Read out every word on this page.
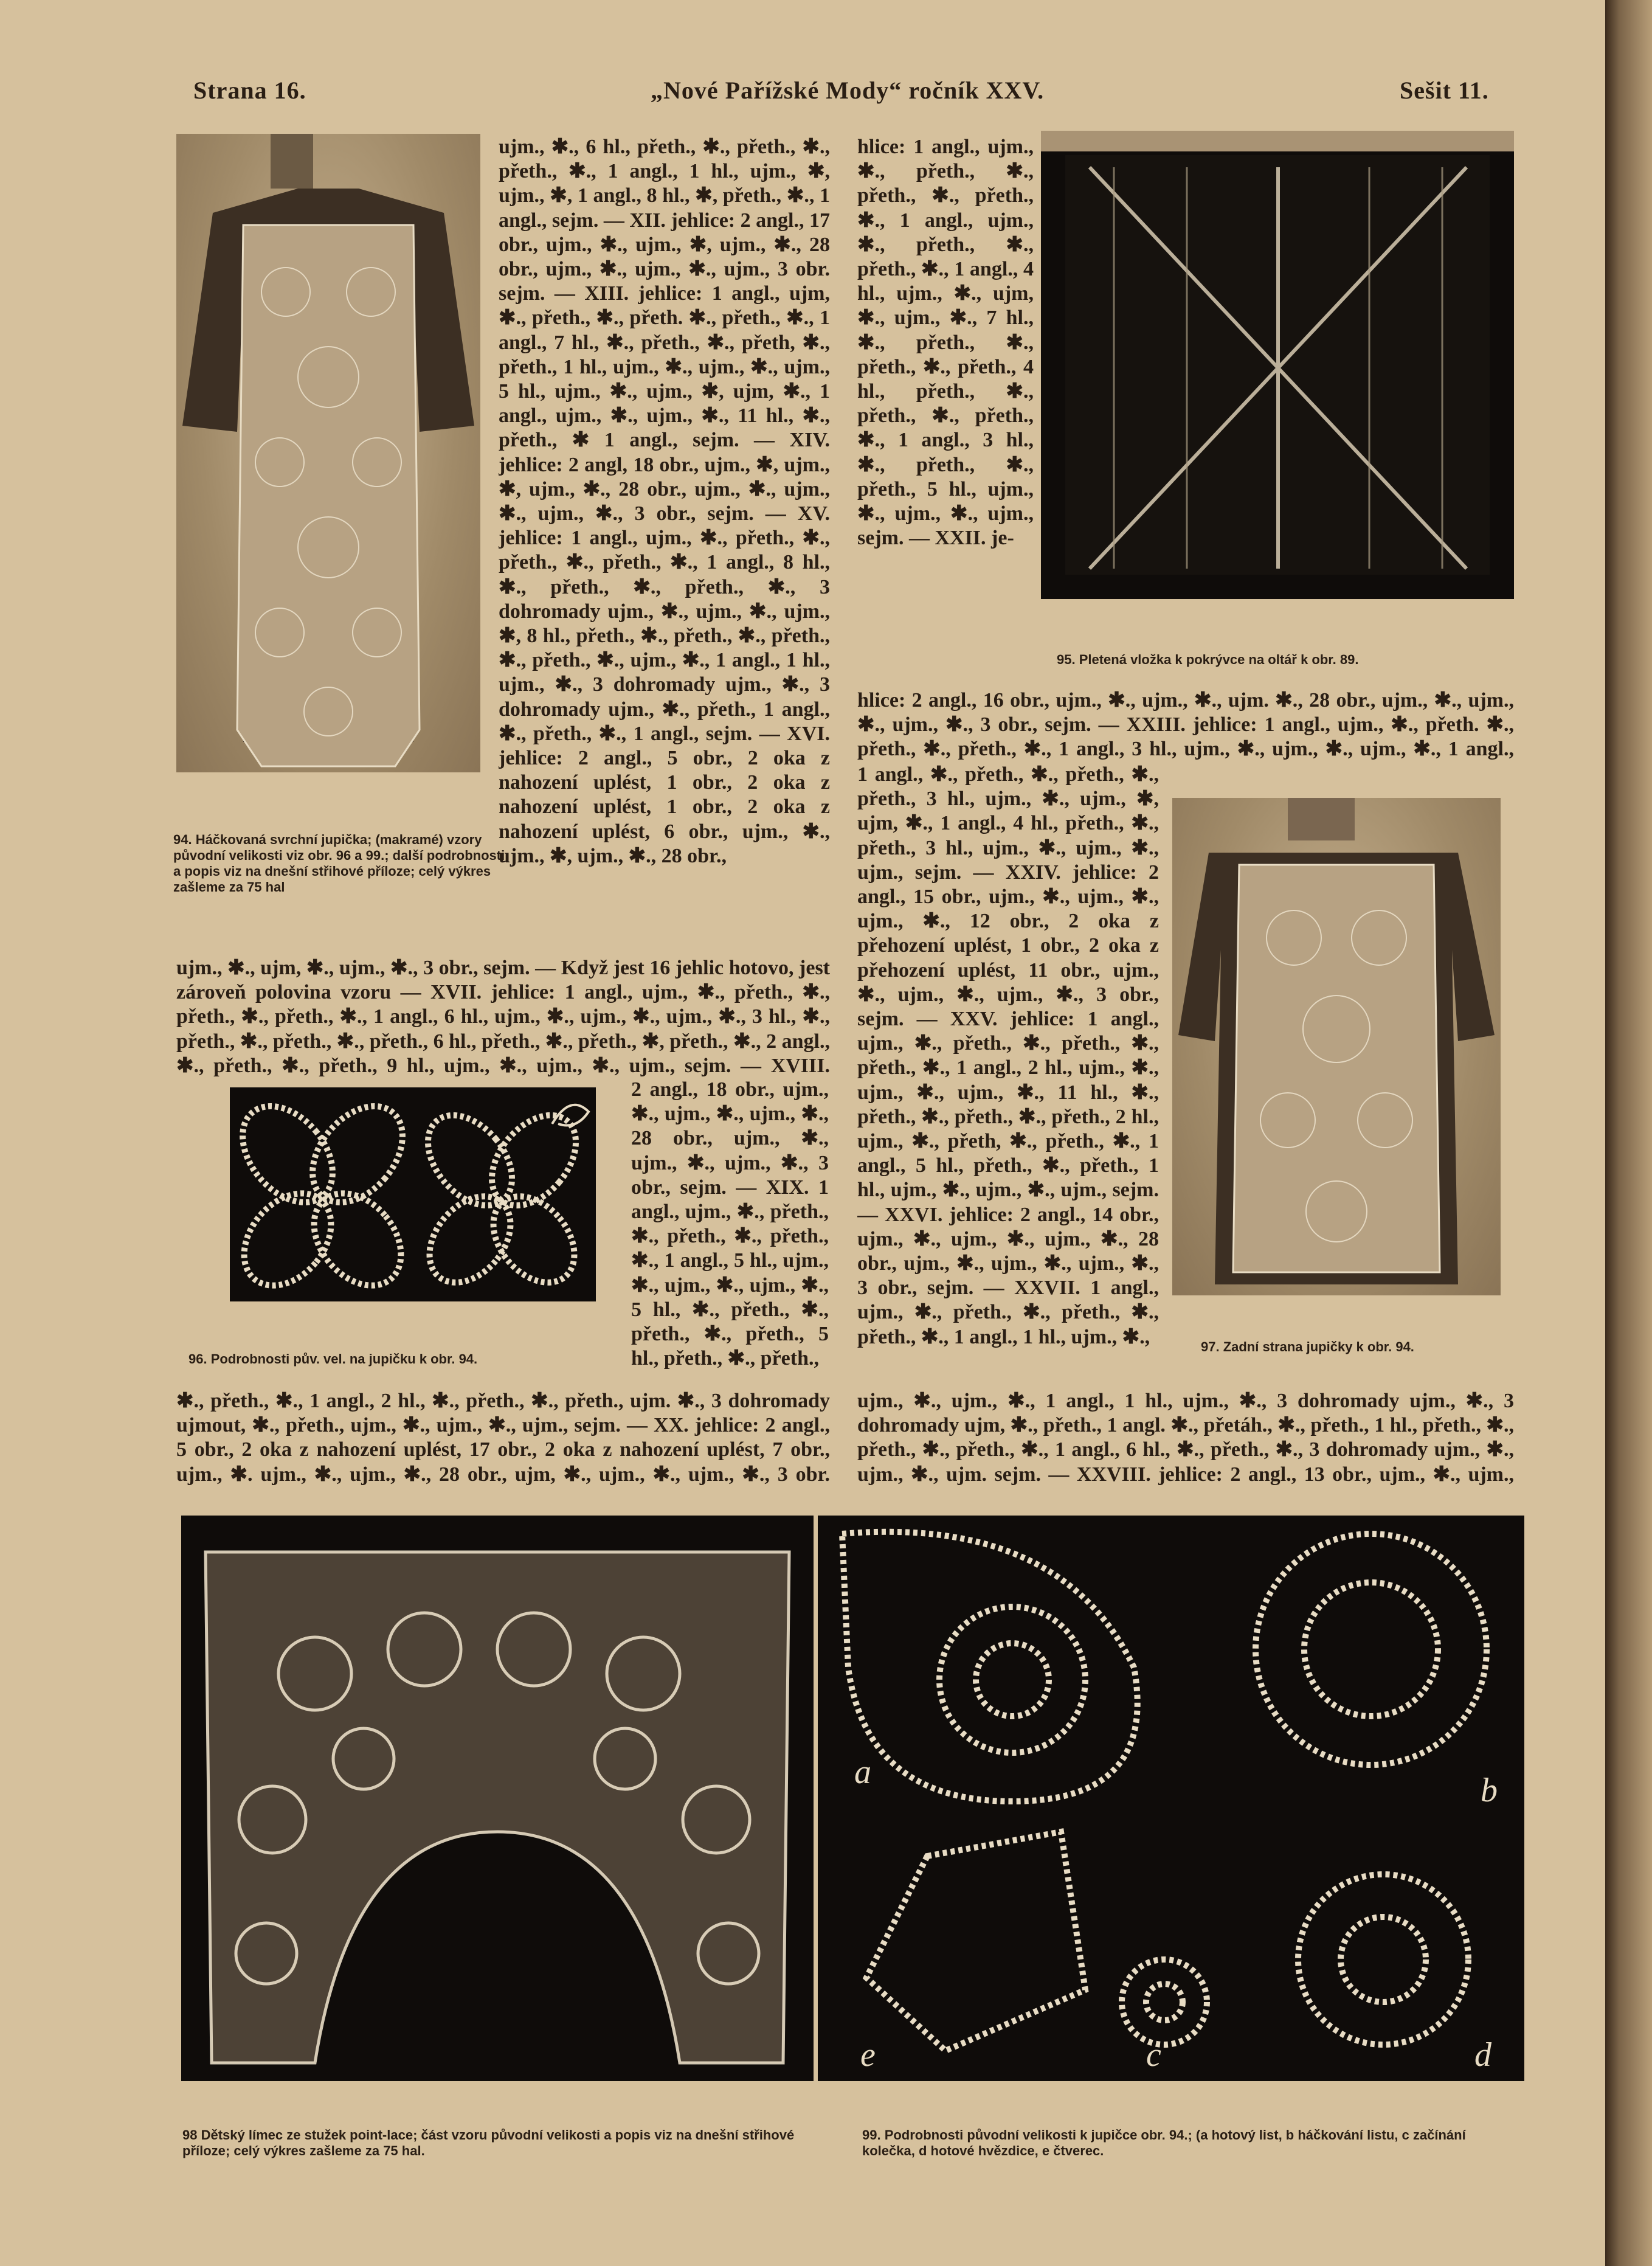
Strana 16.	„Nové Pařížské Mody“ ročník XXV.	Sešit 11.
94. Háčkovaná svrchní jupička; (makramé) vzory původní velikosti viz obr. 96 a 99.; další podrobnosti a popis viz na dnešní střihové příloze; celý výkres zašleme za 75 hal
ujm., ✱., 6 hl., přeth., ✱., přeth., ✱., přeth., ✱., 1 angl., 1 hl., ujm., ✱, ujm., ✱, 1 angl., 8 hl., ✱, přeth., ✱., 1 angl., sejm. — XII. jehlice: 2 angl., 17 obr., ujm., ✱., ujm., ✱, ujm., ✱., 28 obr., ujm., ✱., ujm., ✱., ujm., 3 obr. sejm. — XIII. jehlice: 1 angl., ujm, ✱., přeth., ✱., přeth. ✱., přeth., ✱., 1 angl., 7 hl., ✱., přeth., ✱., přeth, ✱., přeth., 1 hl., ujm., ✱., ujm., ✱., ujm., 5 hl., ujm., ✱., ujm., ✱, ujm, ✱., 1 angl., ujm., ✱., ujm., ✱., 11 hl., ✱., přeth., ✱ 1 angl., sejm. — XIV. jehlice: 2 angl, 18 obr., ujm., ✱, ujm., ✱, ujm., ✱., 28 obr., ujm., ✱., ujm., ✱., ujm., ✱., 3 obr., sejm. — XV. jehlice: 1 angl., ujm., ✱., přeth., ✱., přeth., ✱., přeth., ✱., 1 angl., 8 hl., ✱., přeth., ✱., přeth., ✱., 3 dohromady ujm., ✱., ujm., ✱., ujm., ✱, 8 hl., přeth., ✱., přeth., ✱., přeth., ✱., přeth., ✱., ujm., ✱., 1 angl., 1 hl., ujm., ✱., 3 dohromady ujm., ✱., 3 dohromady ujm., ✱., přeth., 1 angl., ✱., přeth., ✱., 1 angl., sejm. — XVI. jehlice: 2 angl., 5 obr., 2 oka z nahození uplést, 1 obr., 2 oka z nahození uplést, 1 obr., 2 oka z nahození uplést, 6 obr., ujm., ✱., ujm., ✱, ujm., ✱., 28 obr.,
hlice: 1 angl., ujm., ✱., přeth., ✱., přeth., ✱., přeth., ✱., 1 angl., ujm., ✱., přeth., ✱., přeth., ✱., 1 angl., 4 hl., ujm., ✱., ujm, ✱., ujm., ✱., 7 hl., ✱., přeth., ✱., přeth., ✱., přeth., 4 hl., přeth., ✱., přeth., ✱., přeth., ✱., 1 angl., 3 hl., ✱., přeth., ✱., přeth., 5 hl., ujm., ✱., ujm., ✱., ujm., sejm. — XXII. je-
95. Pletená vložka k pokrývce na oltář k obr. 89.
hlice: 2 angl., 16 obr., ujm., ✱., ujm., ✱., ujm. ✱., 28 obr., ujm., ✱., ujm., ✱., ujm., ✱., 3 obr., sejm. — XXIII. jehlice: 1 angl., ujm., ✱., přeth. ✱., přeth., ✱., přeth., ✱., 1 angl., 3 hl., ujm., ✱., ujm., ✱., ujm., ✱., 1 angl.,
1 angl., ✱., přeth., ✱., přeth., ✱., přeth., 3 hl., ujm., ✱., ujm., ✱, ujm, ✱., 1 angl., 4 hl., přeth., ✱., přeth., 3 hl., ujm., ✱., ujm., ✱., ujm., sejm. — XXIV. jehlice: 2 angl., 15 obr., ujm., ✱., ujm., ✱., ujm., ✱., 12 obr., 2 oka z přehození uplést, 1 obr., 2 oka z přehození uplést, 11 obr., ujm., ✱., ujm., ✱., ujm., ✱., 3 obr., sejm. — XXV. jehlice: 1 angl., ujm., ✱., přeth., ✱., přeth., ✱., přeth., ✱., 1 angl., 2 hl., ujm., ✱., ujm., ✱., ujm., ✱., 11 hl., ✱., přeth., ✱., přeth., ✱., přeth., 2 hl., ujm., ✱., přeth, ✱., přeth., ✱., 1 angl., 5 hl., přeth., ✱., přeth., 1 hl., ujm., ✱., ujm., ✱., ujm., sejm. — XXVI. jehlice: 2 angl., 14 obr., ujm., ✱., ujm., ✱., ujm., ✱., 28 obr., ujm., ✱., ujm., ✱., ujm., ✱., 3 obr., sejm. — XXVII. 1 angl., ujm., ✱., přeth., ✱., přeth., ✱., přeth., ✱., 1 angl., 1 hl., ujm., ✱.,	97. Zadní strana jupičky k obr. 94.
ujm., ✱., ujm, ✱., ujm., ✱., 3 obr., sejm. — Když jest 16 jehlic hotovo, jest zároveň polovina vzoru — XVII. jehlice: 1 angl., ujm., ✱., přeth., ✱., přeth., ✱., přeth., ✱., 1 angl., 6 hl., ujm., ✱., ujm., ✱., ujm., ✱., 3 hl., ✱., přeth., ✱., přeth., ✱., přeth., 6 hl., přeth., ✱., přeth., ✱, přeth., ✱., 2 angl., ✱., přeth., ✱., přeth., 9 hl., ujm., ✱., ujm., ✱., ujm., sejm. — XVIII.
96. Podrobnosti pův. vel. na jupičku k obr. 94.
2 angl., 18 obr., ujm., ✱., ujm., ✱., ujm., ✱., 28 obr., ujm., ✱., ujm., ✱., ujm., ✱., 3 obr., sejm. — XIX. 1 angl., ujm., ✱., přeth., ✱., přeth., ✱., přeth., ✱., 1 angl., 5 hl., ujm., ✱., ujm., ✱., ujm., ✱., 5 hl., ✱., přeth., ✱., přeth., ✱., přeth., 5 hl., přeth., ✱., přeth.,
✱., přeth., ✱., 1 angl., 2 hl., ✱., přeth., ✱., přeth., ujm. ✱., 3 dohromady ujmout, ✱., přeth., ujm., ✱., ujm., ✱., ujm., sejm. — XX. jehlice: 2 angl., 5 obr., 2 oka z nahození uplést, 17 obr., 2 oka z nahození uplést, 7 obr., ujm., ✱. ujm., ✱., ujm., ✱., 28 obr., ujm, ✱., ujm., ✱., ujm., ✱., 3 obr.
ujm., ✱., ujm., ✱., 1 angl., 1 hl., ujm., ✱., 3 dohromady ujm., ✱., 3 dohromady ujm, ✱., přeth., 1 angl. ✱., přetáh., ✱., přeth., 1 hl., přeth., ✱., přeth., ✱., přeth., ✱., 1 angl., 6 hl., ✱., přeth., ✱., 3 dohromady ujm., ✱., ujm., ✱., ujm. sejm. — XXVIII. jehlice: 2 angl., 13 obr., ujm., ✱., ujm.,
a	b
c	d
e
98 Dětský límec ze stužek point-lace; část vzoru původní velikosti a popis viz na dnešní střihové příloze; celý výkres zašleme za 75 hal.
99. Podrobnosti původní velikosti k jupičce obr. 94.; (a hotový list, b háčkování listu, c začínání kolečka, d hotové hvězdice, e čtverec.
